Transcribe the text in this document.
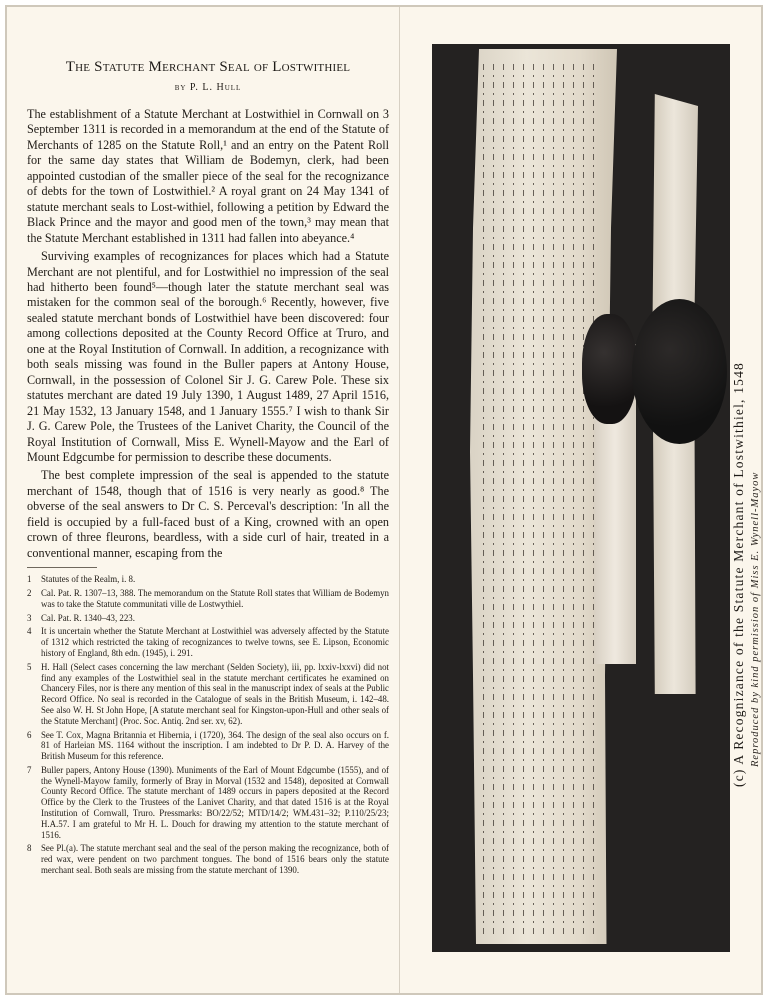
The Statute Merchant Seal of Lostwithiel
by P. L. Hull

The establishment of a Statute Merchant at Lostwithiel in Cornwall on 3 September 1311 is recorded in a memorandum at the end of the Statute of Merchants of 1285 on the Statute Roll,¹ and an entry on the Patent Roll for the same day states that William de Bodemyn, clerk, had been appointed custodian of the smaller piece of the seal for the recognizance of debts for the town of Lostwithiel.² A royal grant on 24 May 1341 of statute merchant seals to Lost-withiel, following a petition by Edward the Black Prince and the mayor and good men of the town,³ may mean that the Statute Merchant established in 1311 had fallen into abeyance.⁴

Surviving examples of recognizances for places which had a Statute Merchant are not plentiful, and for Lostwithiel no impression of the seal had hitherto been found⁵—though later the statute merchant seal was mistaken for the common seal of the borough.⁶ Recently, however, five sealed statute merchant bonds of Lostwithiel have been discovered: four among collections deposited at the County Record Office at Truro, and one at the Royal Institution of Cornwall. In addition, a recognizance with both seals missing was found in the Buller papers at Antony House, Cornwall, in the possession of Colonel Sir J. G. Carew Pole. These six statutes merchant are dated 19 July 1390, 1 August 1489, 27 April 1516, 21 May 1532, 13 January 1548, and 1 January 1555.⁷ I wish to thank Sir J. G. Carew Pole, the Trustees of the Lanivet Charity, the Council of the Royal Institution of Cornwall, Miss E. Wynell-Mayow and the Earl of Mount Edgcumbe for permission to describe these documents.

The best complete impression of the seal is appended to the statute merchant of 1548, though that of 1516 is very nearly as good.⁸ The obverse of the seal answers to Dr C. S. Perceval's description: 'In all the field is occupied by a full-faced bust of a King, crowned with an open crown of three fleurons, beardless, with a side curl of hair, treated in a conventional manner, escaping from the

1 Statutes of the Realm, i. 8.
2 Cal. Pat. R. 1307–13, 388. The memorandum on the Statute Roll states that William de Bodemyn was to take the Statute communitati ville de Lostwythiel.
3 Cal. Pat. R. 1340–43, 223.
4 It is uncertain whether the Statute Merchant at Lostwithiel was adversely affected by the Statute of 1312 which restricted the taking of recognizances to twelve towns, see E. Lipson, Economic history of England, 8th edn. (1945), i. 291.
5 H. Hall (Select cases concerning the law merchant (Selden Society), iii, pp. lxxiv-lxxvi) did not find any examples of the Lostwithiel seal in the statute merchant certificates he examined on Chancery Files, nor is there any mention of this seal in the manuscript index of seals at the Public Record Office. No seal is recorded in the Catalogue of seals in the British Museum, i. 142–48. See also W. H. St John Hope, [A statute merchant seal for Kingston-upon-Hull and other seals of the Statute Merchant] (Proc. Soc. Antiq. 2nd ser. xv, 62).
6 See T. Cox, Magna Britannia et Hibernia, i (1720), 364. The design of the seal also occurs on f. 81 of Harleian MS. 1164 without the inscription. I am indebted to Dr P. D. A. Harvey of the British Museum for this reference.
7 Buller papers, Antony House (1390). Muniments of the Earl of Mount Edgcumbe (1555), and of the Wynell-Mayow family, formerly of Bray in Morval (1532 and 1548), deposited at Cornwall County Record Office. The statute merchant of 1489 occurs in papers deposited at the Record Office by the Clerk to the Trustees of the Lanivet Charity, and that dated 1516 is at the Royal Institution of Cornwall, Truro. Pressmarks: BO/22/52; MTD/14/2; WM.431–32; P.110/25/23; H.A.57. I am grateful to Mr H. L. Douch for drawing my attention to the statute merchant of 1516.
8 See Pl.(a). The statute merchant seal and the seal of the person making the recognizance, both of red wax, were pendent on two parchment tongues. The bond of 1516 bears only the statute merchant seal. Both seals are missing from the statute merchant of 1390.
(c) A Recognizance of the Statute Merchant of Lostwithiel, 1548 Reproduced by kind permission of Miss E. Wynell-Mayow
